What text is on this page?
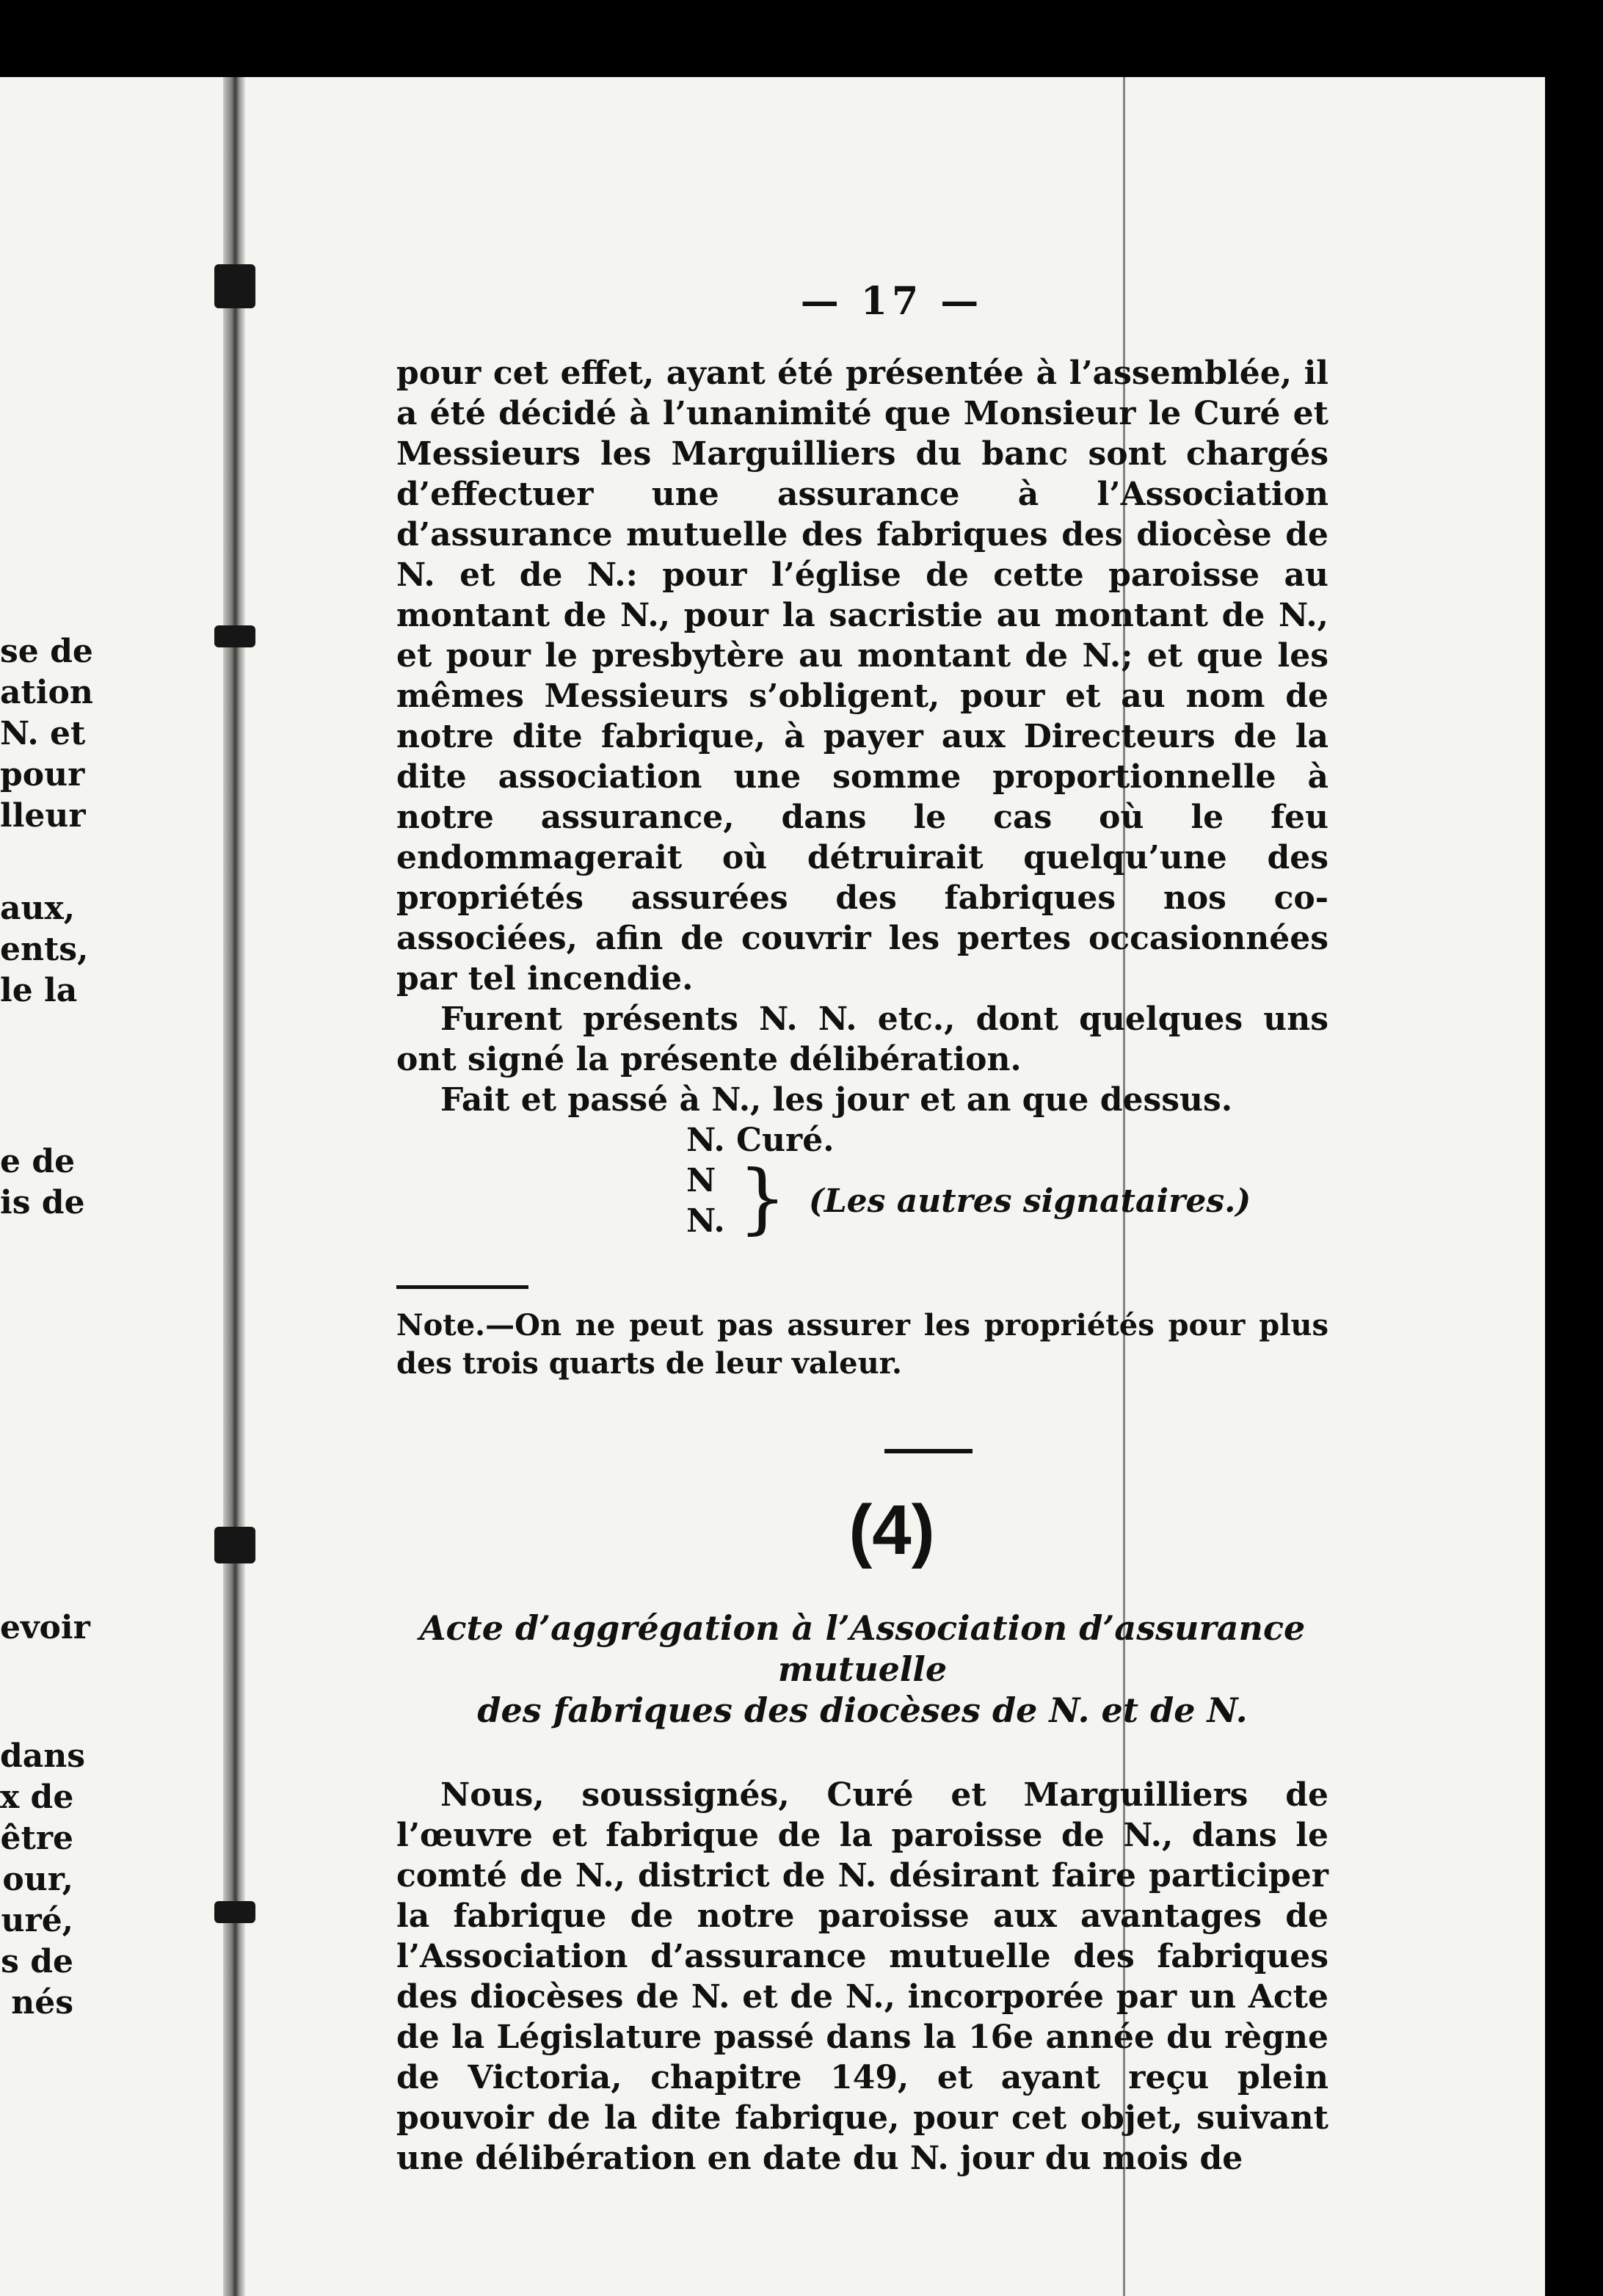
se de
ation
N. et
pour
lleur
aux,
ents,
le la
e de
is de
evoir
dans
x de
être
our,
uré,
s de
nés
— 17 —

pour cet effet, ayant été présentée à l’assemblée, il a été décidé à l’unanimité que Monsieur le Curé et Messieurs les Marguilliers du banc sont chargés d’effectuer une assurance à l’Association d’assurance mutuelle des fabriques des diocèse de N. et de N.: pour l’église de cette paroisse au montant de N., pour la sacristie au montant de N., et pour le presbytère au montant de N.; et que les mêmes Messieurs s’obligent, pour et au nom de notre dite fabrique, à payer aux Directeurs de la dite association une somme proportionnelle à notre assurance, dans le cas où le feu endommagerait où détruirait quelqu’une des propriétés assurées des fabriques nos co-associées, afin de couvrir les pertes occasionnées par tel incendie.

Furent présents N. N. etc., dont quelques uns ont signé la présente délibération.

Fait et passé à N., les jour et an que dessus.

N. Curé.
N
N. } (Les autres signataires.)

Note.—On ne peut pas assurer les propriétés pour plus des trois quarts de leur valeur.

(4)
Acte d’aggrégation à l’Association d’assurance mutuelle
des fabriques des diocèses de N. et de N.

Nous, soussignés, Curé et Marguilliers de l’œuvre et fabrique de la paroisse de N., dans le comté de N., district de N. désirant faire participer la fabrique de notre paroisse aux avantages de l’Association d’assurance mutuelle des fabriques des diocèses de N. et de N., incorporée par un Acte de la Législature passé dans la 16e année du règne de Victoria, chapitre 149, et ayant reçu plein pouvoir de la dite fabrique, pour cet objet, suivant une délibération en date du N. jour du mois de
